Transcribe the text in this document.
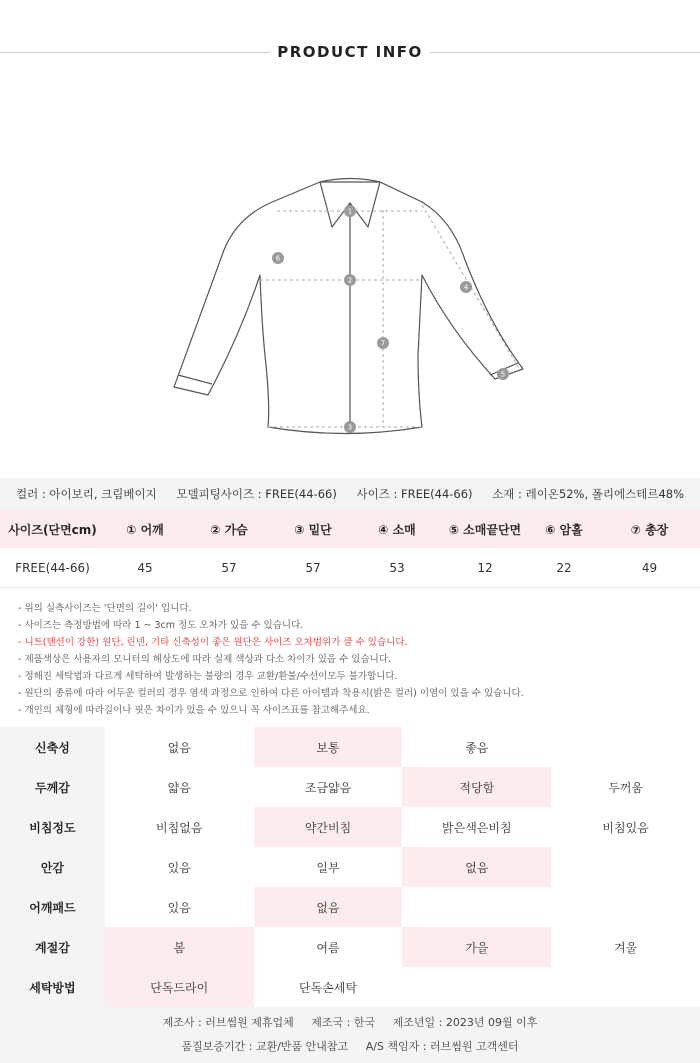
PRODUCT INFO
1
2
3
4
5
6
7
컬러 : 아이보리, 크림베이지 모델피팅사이즈 : FREE(44-66) 사이즈 : FREE(44-66) 소재 : 레이온52%, 폴리에스테르48%
사이즈(단면cm)	① 어깨	② 가슴	③ 밑단	④ 소매	⑤ 소매끝단면	⑥ 암홀	⑦ 총장
FREE(44-66)	45	57	57	53	12	22	49
- 위의 실측사이즈는 '단면의 길이' 입니다.
- 사이즈는 측정방법에 따라 1 ~ 3cm 정도 오차가 있을 수 있습니다.
- 니트(텐션이 강한) 원단, 린넨, 기타 신축성이 좋은 원단은 사이즈 오차범위가 클 수 있습니다.
- 제품색상은 사용자의 모니터의 해상도에 따라 실제 색상과 다소 차이가 있을 수 있습니다.
- 정해진 세탁법과 다르게 세탁하여 발생하는 불량의 경우 교환/환불/수선이모두 불가합니다.
- 원단의 종류에 따라 어두운 컬러의 경우 염색 과정으로 인하여 다른 아이템과 착용시(밝은 컬러) 이염이 있을 수 있습니다.
- 개인의 체형에 따라길이나 핏은 차이가 있을 수 있으니 꼭 사이즈표를 참고해주세요.
신축성	없음	보통	좋음
두께감	얇음	조금얇음	적당함	두꺼움
비침정도	비침없음	약간비침	밝은색은비침	비침있음
안감	있음	일부	없음
어깨패드	있음	없음
계절감	봄	여름	가을	겨울
세탁방법	단독드라이	단독손세탁
제조사 : 러브썸원 제휴업체 제조국 : 한국 제조년일 : 2023년 09월 이후
품질보증기간 : 교환/반품 안내참고 A/S 책임자 : 러브썸원 고객센터
